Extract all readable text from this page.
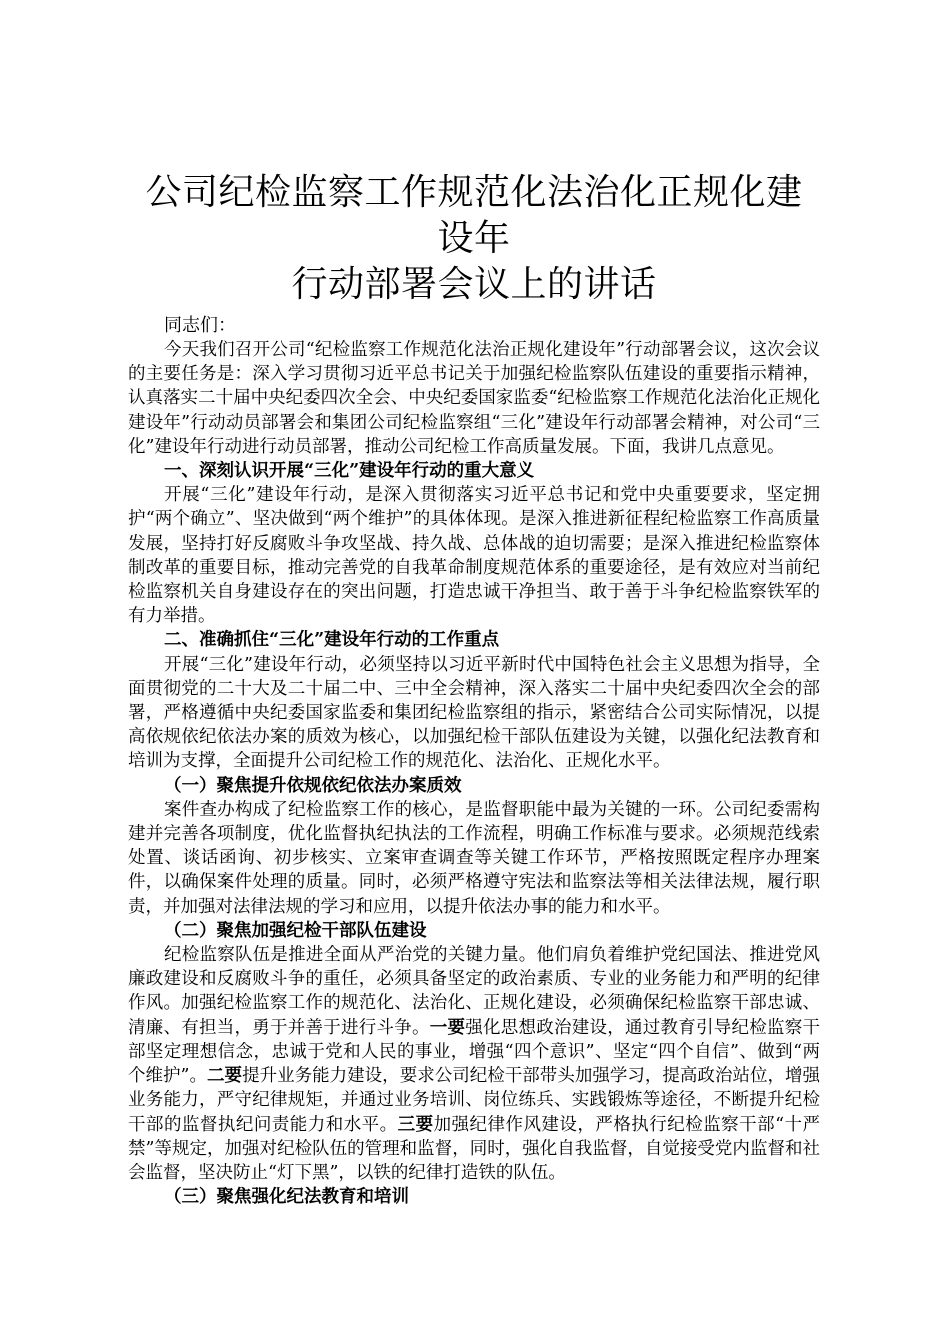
公司纪检监察工作规范化法治化正规化建设年
行动部署会议上的讲话

同志们：

今天我们召开公司“纪检监察工作规范化法治正规化建设年”行动部署会议，这次会议的主要任务是：深入学习贯彻习近平总书记关于加强纪检监察队伍建设的重要指示精神，认真落实二十届中央纪委四次全会、中央纪委国家监委“纪检监察工作规范化法治化正规化建设年”行动动员部署会和集团公司纪检监察组“三化”建设年行动部署会精神，对公司“三化”建设年行动进行动员部署，推动公司纪检工作高质量发展。下面，我讲几点意见。

一、深刻认识开展“三化”建设年行动的重大意义

开展“三化”建设年行动，是深入贯彻落实习近平总书记和党中央重要要求，坚定拥护“两个确立”、坚决做到“两个维护”的具体体现。是深入推进新征程纪检监察工作高质量发展，坚持打好反腐败斗争攻坚战、持久战、总体战的迫切需要；是深入推进纪检监察体制改革的重要目标，推动完善党的自我革命制度规范体系的重要途径，是有效应对当前纪检监察机关自身建设存在的突出问题，打造忠诚干净担当、敢于善于斗争纪检监察铁军的有力举措。

二、准确抓住“三化”建设年行动的工作重点

开展“三化”建设年行动，必须坚持以习近平新时代中国特色社会主义思想为指导，全面贯彻党的二十大及二十届二中、三中全会精神，深入落实二十届中央纪委四次全会的部署，严格遵循中央纪委国家监委和集团纪检监察组的指示，紧密结合公司实际情况，以提高依规依纪依法办案的质效为核心，以加强纪检干部队伍建设为关键，以强化纪法教育和培训为支撑，全面提升公司纪检工作的规范化、法治化、正规化水平。

（一）聚焦提升依规依纪依法办案质效

案件查办构成了纪检监察工作的核心，是监督职能中最为关键的一环。公司纪委需构建并完善各项制度，优化监督执纪执法的工作流程，明确工作标准与要求。必须规范线索处置、谈话函询、初步核实、立案审查调查等关键工作环节，严格按照既定程序办理案件，以确保案件处理的质量。同时，必须严格遵守宪法和监察法等相关法律法规，履行职责，并加强对法律法规的学习和应用，以提升依法办事的能力和水平。

（二）聚焦加强纪检干部队伍建设

纪检监察队伍是推进全面从严治党的关键力量。他们肩负着维护党纪国法、推进党风廉政建设和反腐败斗争的重任，必须具备坚定的政治素质、专业的业务能力和严明的纪律作风。加强纪检监察工作的规范化、法治化、正规化建设，必须确保纪检监察干部忠诚、清廉、有担当，勇于并善于进行斗争。一要强化思想政治建设，通过教育引导纪检监察干部坚定理想信念，忠诚于党和人民的事业，增强“四个意识”、坚定“四个自信”、做到“两个维护”。二要提升业务能力建设，要求公司纪检干部带头加强学习，提高政治站位，增强业务能力，严守纪律规矩，并通过业务培训、岗位练兵、实践锻炼等途径，不断提升纪检干部的监督执纪问责能力和水平。三要加强纪律作风建设，严格执行纪检监察干部“十严禁”等规定，加强对纪检队伍的管理和监督，同时，强化自我监督，自觉接受党内监督和社会监督，坚决防止“灯下黑”，以铁的纪律打造铁的队伍。

（三）聚焦强化纪法教育和培训
